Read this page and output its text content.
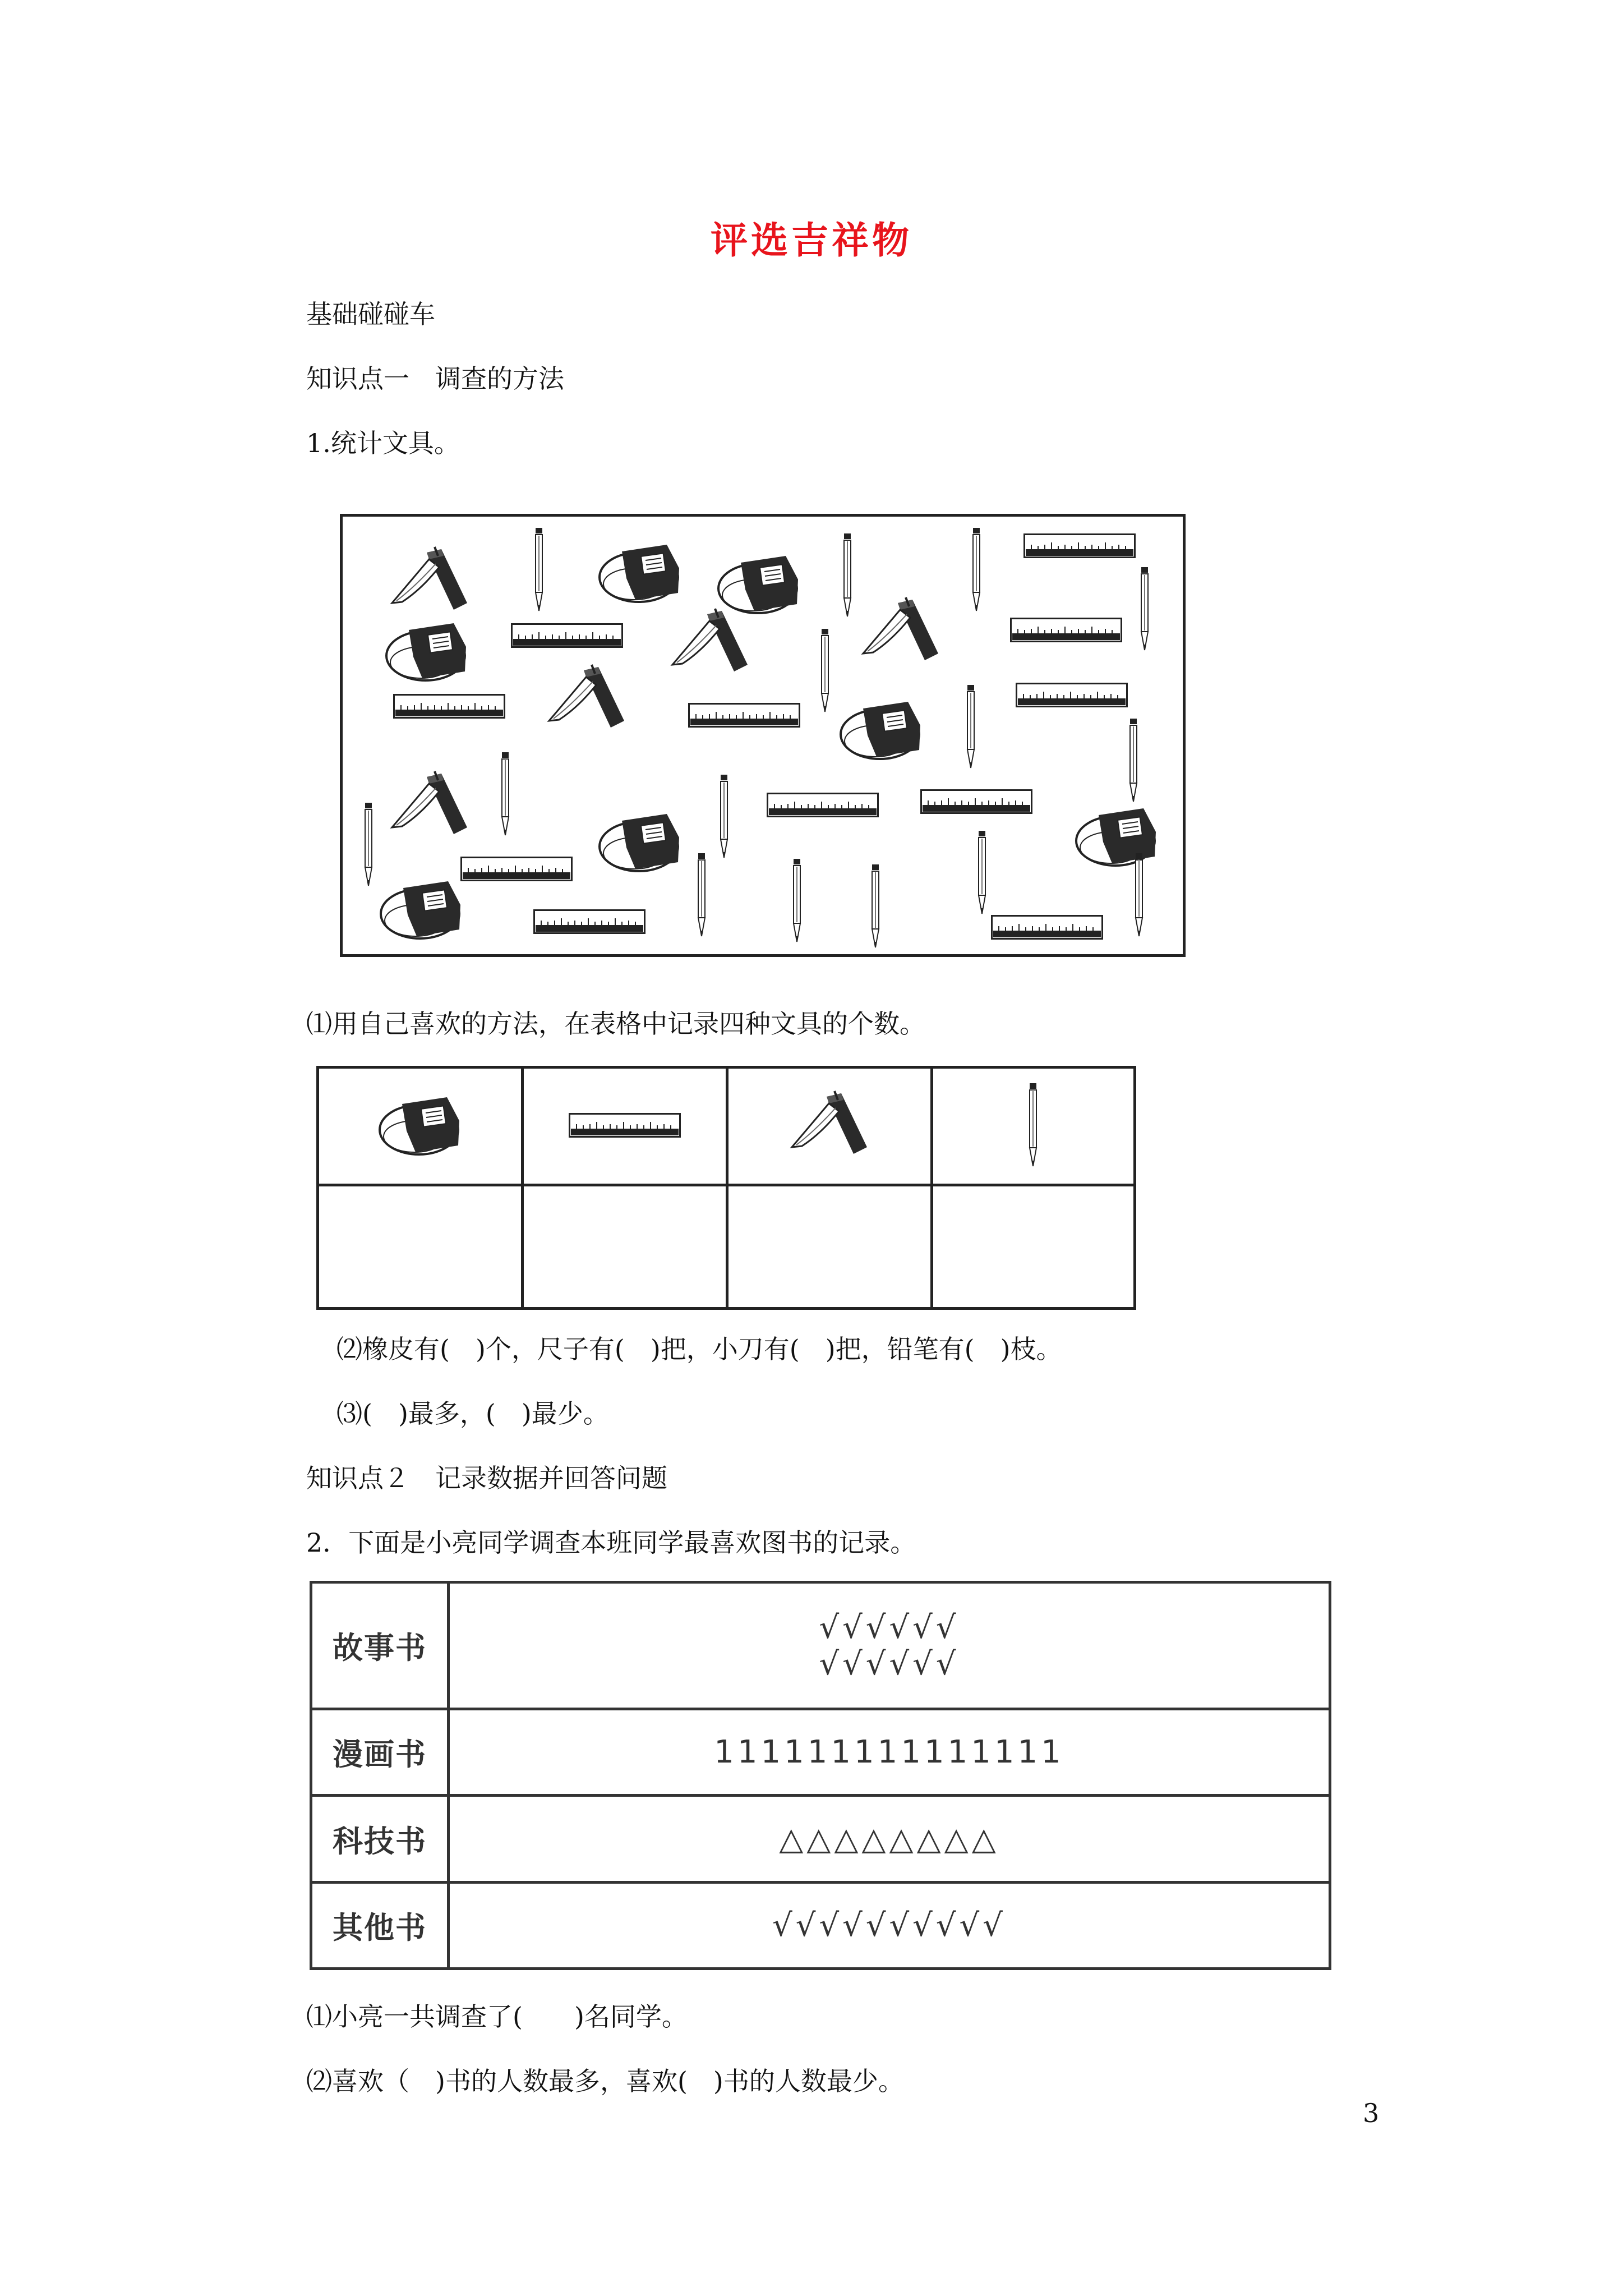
评选吉祥物
基础碰碰车
知识点一　调查的方法
1.统计文具。
⑴用自己喜欢的方法，在表格中记录四种文具的个数。

⑵橡皮有(　)个，尺子有(　)把，小刀有(　)把，铅笔有(　)枝。
⑶(　)最多，(　)最少。
知识点２　记录数据并回答问题
2．下面是小亮同学调查本班同学最喜欢图书的记录。
故事书	√√√√√√
√√√√√√

漫画书	111111111111111

科技书	△△△△△△△△

其他书	√√√√√√√√√√
⑴小亮一共调查了(　　)名同学。
⑵喜欢（　)书的人数最多，喜欢(　)书的人数最少。
3
